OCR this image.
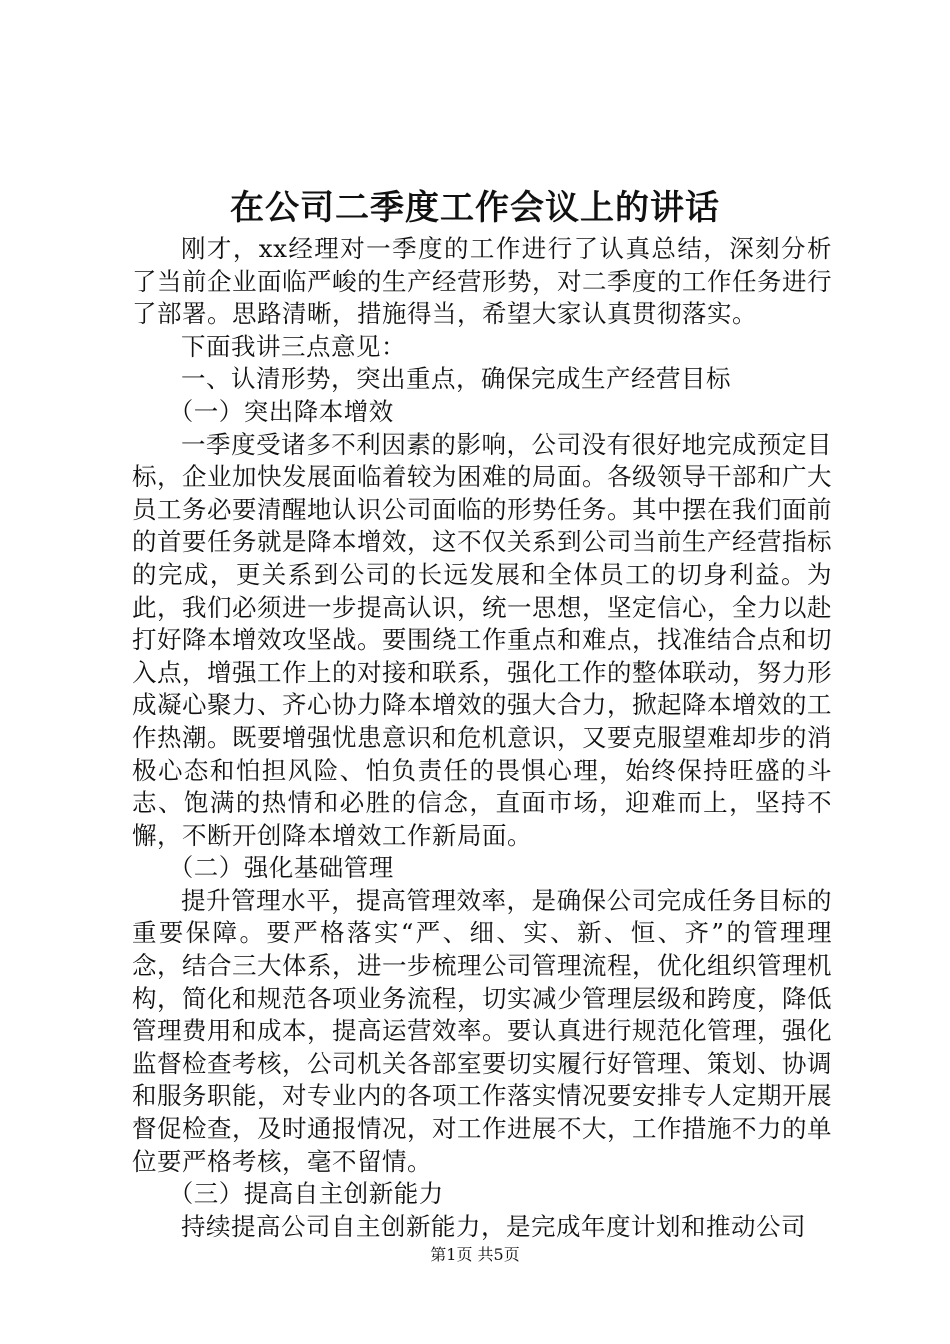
在公司二季度工作会议上的讲话

刚才，xx经理对一季度的工作进行了认真总结，深刻分析了当前企业面临严峻的生产经营形势，对二季度的工作任务进行了部署。思路清晰，措施得当，希望大家认真贯彻落实。

下面我讲三点意见：

一、认清形势，突出重点，确保完成生产经营目标

（一）突出降本增效

一季度受诸多不利因素的影响，公司没有很好地完成预定目标，企业加快发展面临着较为困难的局面。各级领导干部和广大员工务必要清醒地认识公司面临的形势任务。其中摆在我们面前的首要任务就是降本增效，这不仅关系到公司当前生产经营指标的完成，更关系到公司的长远发展和全体员工的切身利益。为此，我们必须进一步提高认识，统一思想，坚定信心，全力以赴打好降本增效攻坚战。要围绕工作重点和难点，找准结合点和切入点，增强工作上的对接和联系，强化工作的整体联动，努力形成凝心聚力、齐心协力降本增效的强大合力，掀起降本增效的工作热潮。既要增强忧患意识和危机意识，又要克服望难却步的消极心态和怕担风险、怕负责任的畏惧心理，始终保持旺盛的斗志、饱满的热情和必胜的信念，直面市场，迎难而上，坚持不懈，不断开创降本增效工作新局面。

（二）强化基础管理

提升管理水平，提高管理效率，是确保公司完成任务目标的重要保障。要严格落实“严、细、实、新、恒、齐”的管理理念，结合三大体系，进一步梳理公司管理流程，优化组织管理机构，简化和规范各项业务流程，切实减少管理层级和跨度，降低管理费用和成本，提高运营效率。要认真进行规范化管理，强化监督检查考核，公司机关各部室要切实履行好管理、策划、协调和服务职能，对专业内的各项工作落实情况要安排专人定期开展督促检查，及时通报情况，对工作进展不大，工作措施不力的单位要严格考核，毫不留情。

（三）提高自主创新能力

持续提高公司自主创新能力，是完成年度计划和推动公司

第1页 共5页
